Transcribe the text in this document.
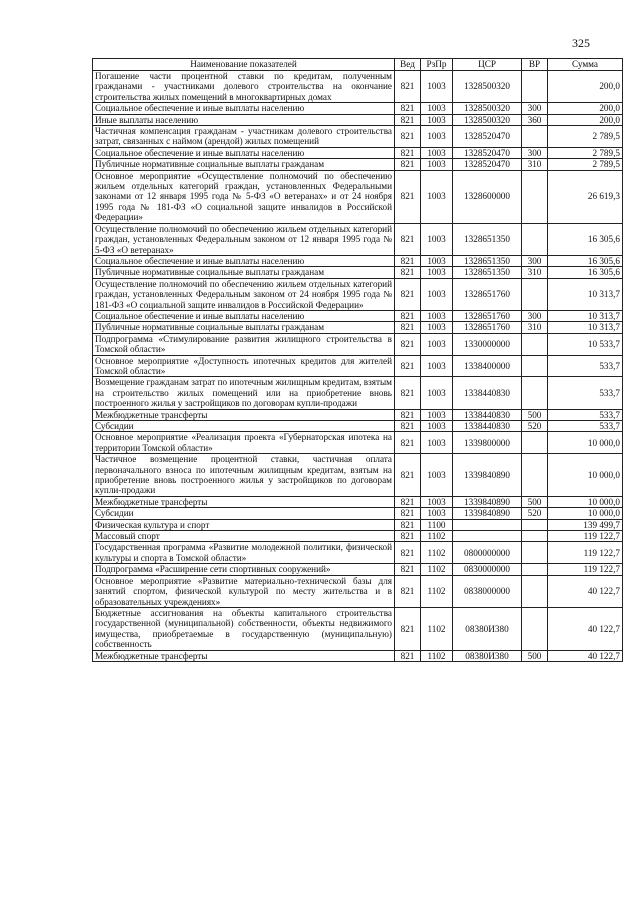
325
Наименование показателей	Вед	РзПр	ЦСР	ВР	Сумма
Погашение части процентной ставки по кредитам, полученным гражданами - участниками долевого строительства на окончание строительства жилых помещений в многоквартирных домах	821	1003	1328500320		200,0
Социальное обеспечение и иные выплаты населению	821	1003	1328500320	300	200,0
Иные выплаты населению	821	1003	1328500320	360	200,0
Частичная компенсация гражданам - участникам долевого строительства затрат, связанных с наймом (арендой) жилых помещений	821	1003	1328520470		2 789,5
Социальное обеспечение и иные выплаты населению	821	1003	1328520470	300	2 789,5
Публичные нормативные социальные выплаты гражданам	821	1003	1328520470	310	2 789,5
Основное мероприятие «Осуществление полномочий по обеспечению жильем отдельных категорий граждан, установленных Федеральными законами от 12 января 1995 года № 5-ФЗ «О ветеранах» и от 24 ноября 1995 года № 181-ФЗ «О социальной защите инвалидов в Российской Федерации»	821	1003	1328600000		26 619,3
Осуществление полномочий по обеспечению жильем отдельных категорий граждан, установленных Федеральным законом от 12 января 1995 года № 5-ФЗ «О ветеранах»	821	1003	1328651350		16 305,6
Социальное обеспечение и иные выплаты населению	821	1003	1328651350	300	16 305,6
Публичные нормативные социальные выплаты гражданам	821	1003	1328651350	310	16 305,6
Осуществление полномочий по обеспечению жильем отдельных категорий граждан, установленных Федеральным законом от 24 ноября 1995 года № 181-ФЗ «О социальной защите инвалидов в Российской Федерации»	821	1003	1328651760		10 313,7
Социальное обеспечение и иные выплаты населению	821	1003	1328651760	300	10 313,7
Публичные нормативные социальные выплаты гражданам	821	1003	1328651760	310	10 313,7
Подпрограмма «Стимулирование развития жилищного строительства в Томской области»	821	1003	1330000000		10 533,7
Основное мероприятие «Доступность ипотечных кредитов для жителей Томской области»	821	1003	1338400000		533,7
Возмещение гражданам затрат по ипотечным жилищным кредитам, взятым на строительство жилых помещений или на приобретение вновь построенного жилья у застройщиков по договорам купли-продажи	821	1003	1338440830		533,7
Межбюджетные трансферты	821	1003	1338440830	500	533,7
Субсидии	821	1003	1338440830	520	533,7
Основное мероприятие «Реализация проекта «Губернаторская ипотека на территории Томской области»	821	1003	1339800000		10 000,0
Частичное возмещение процентной ставки, частичная оплата первоначального взноса по ипотечным жилищным кредитам, взятым на приобретение вновь построенного жилья у застройщиков по договорам купли-продажи	821	1003	1339840890		10 000,0
Межбюджетные трансферты	821	1003	1339840890	500	10 000,0
Субсидии	821	1003	1339840890	520	10 000,0
Физическая культура и спорт	821	1100			139 499,7
Массовый спорт	821	1102			119 122,7
Государственная программа «Развитие молодежной политики, физической культуры и спорта в Томской области»	821	1102	0800000000		119 122,7
Подпрограмма «Расширение сети спортивных сооружений»	821	1102	0830000000		119 122,7
Основное мероприятие «Развитие материально-технической базы для занятий спортом, физической культурой по месту жительства и в образовательных учреждениях»	821	1102	0838000000		40 122,7
Бюджетные ассигнования на объекты капитального строительства государственной (муниципальной) собственности, объекты недвижимого имущества, приобретаемые в государственную (муниципальную) собственность	821	1102	08380И380		40 122,7
Межбюджетные трансферты	821	1102	08380И380	500	40 122,7
